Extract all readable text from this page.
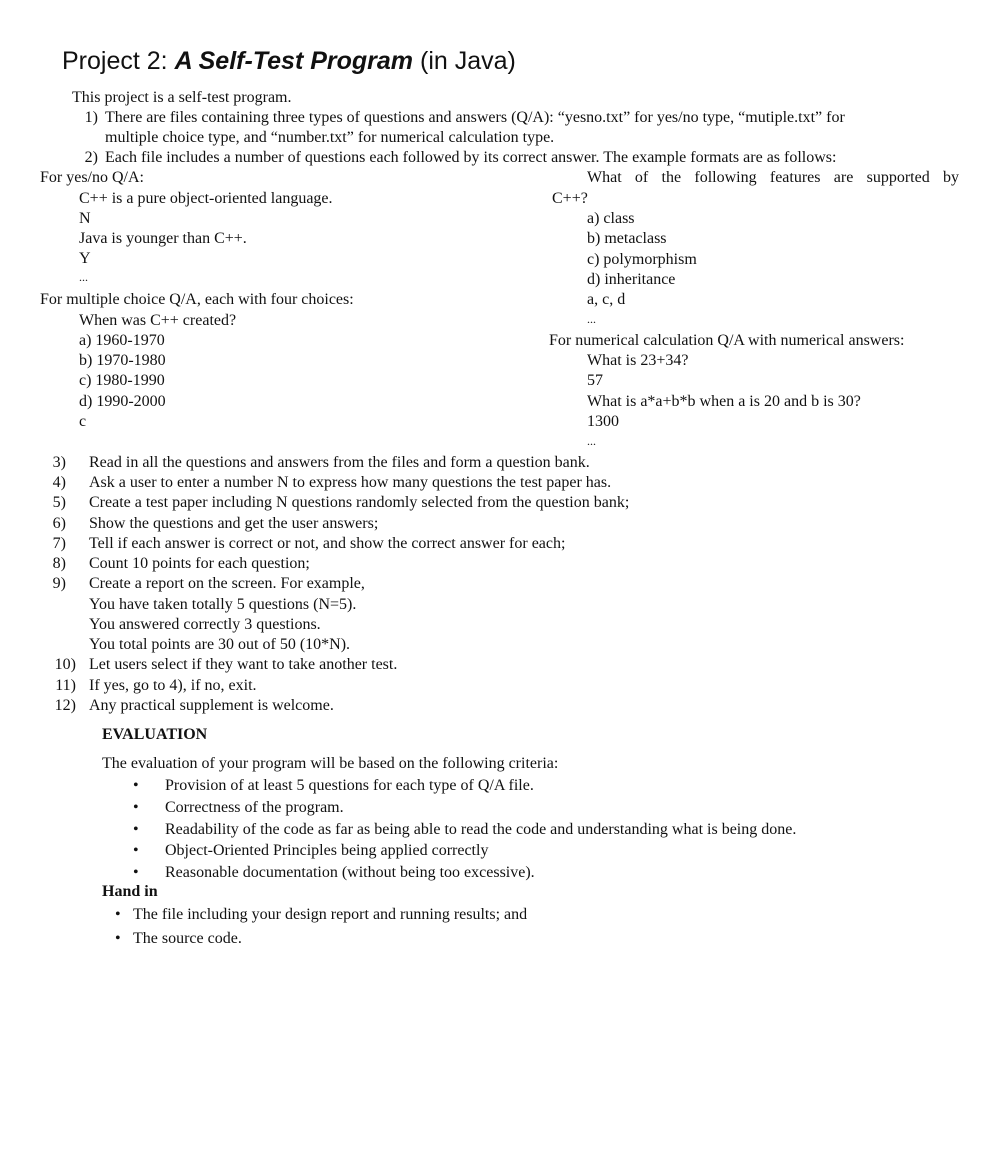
Project 2: A Self-Test Program (in Java)
This project is a self-test program.
1) There are files containing three types of questions and answers (Q/A): “yesno.txt” for yes/no type, “mutiple.txt” for
multiple choice type, and “number.txt” for numerical calculation type.
2) Each file includes a number of questions each followed by its correct answer. The example formats are as follows:
For yes/no Q/A:
C++ is a pure object-oriented language.
N
Java is younger than C++.
Y
...
For multiple choice Q/A, each with four choices:
When was C++ created?
a) 1960-1970
b) 1970-1980
c) 1980-1990
d) 1990-2000
c
What of the following features are supported by
C++?
a) class
b) metaclass
c) polymorphism
d) inheritance
a, c, d
...
For numerical calculation Q/A with numerical answers:
What is 23+34?
57
What is a*a+b*b when a is 20 and b is 30?
1300
...
3) Read in all the questions and answers from the files and form a question bank.
4) Ask a user to enter a number N to express how many questions the test paper has.
5) Create a test paper including N questions randomly selected from the question bank;
6) Show the questions and get the user answers;
7) Tell if each answer is correct or not, and show the correct answer for each;
8) Count 10 points for each question;
9) Create a report on the screen. For example,
You have taken totally 5 questions (N=5).
You answered correctly 3 questions.
You total points are 30 out of 50 (10*N).
10) Let users select if they want to take another test.
11) If yes, go to 4), if no, exit.
12) Any practical supplement is welcome.
EVALUATION
The evaluation of your program will be based on the following criteria:
• Provision of at least 5 questions for each type of Q/A file.
• Correctness of the program.
• Readability of the code as far as being able to read the code and understanding what is being done.
• Object-Oriented Principles being applied correctly
• Reasonable documentation (without being too excessive).
Hand in
• The file including your design report and running results; and
• The source code.
